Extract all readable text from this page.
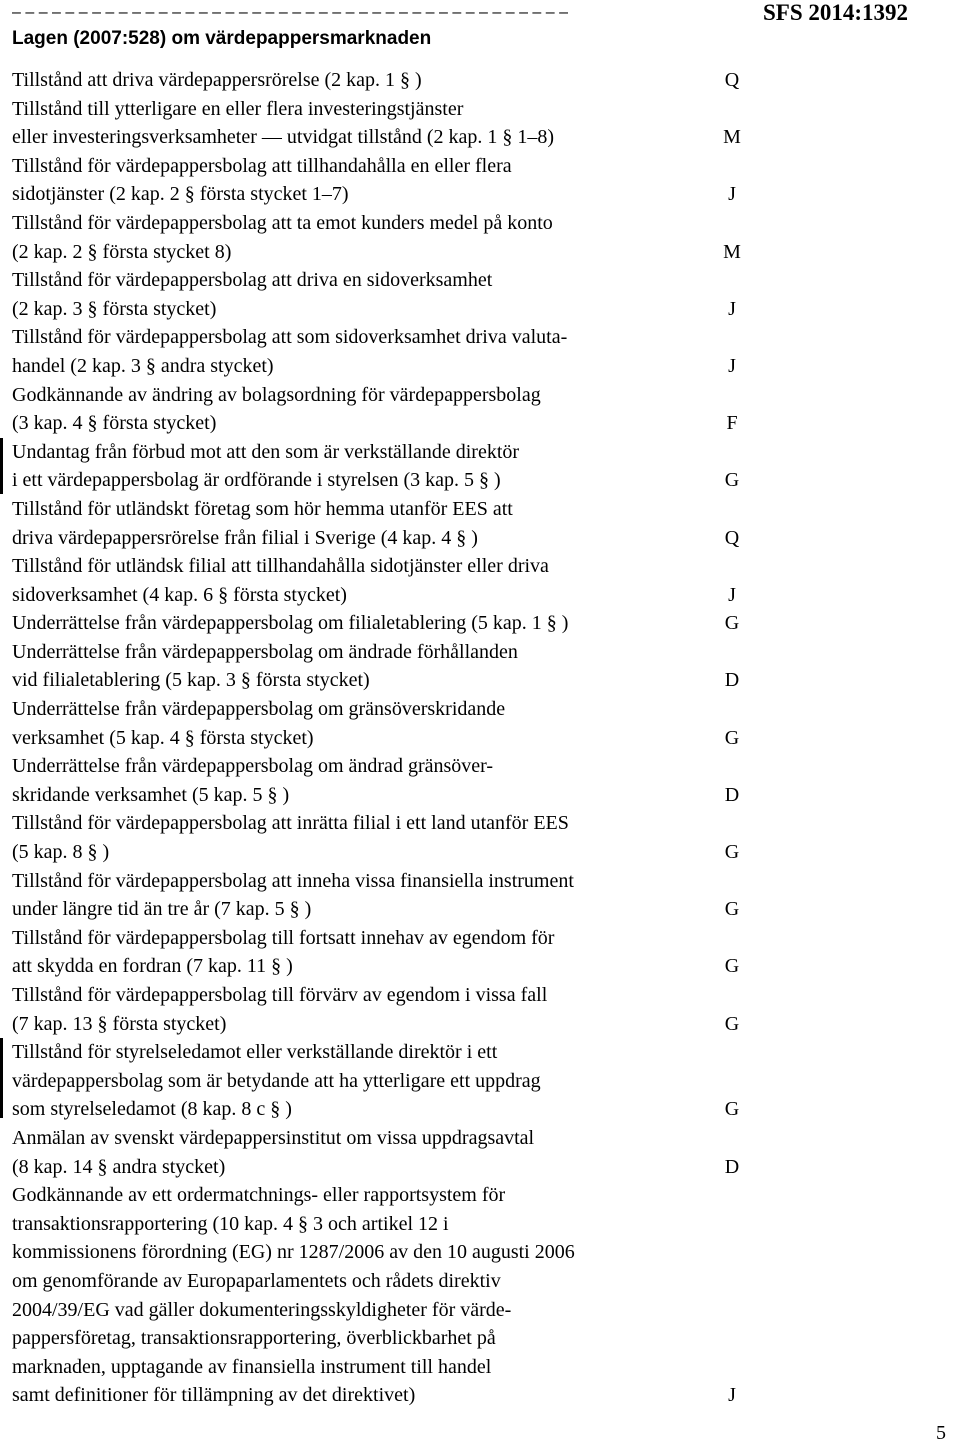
– – – – – – – – – – – – – – – – – – – – – – – – – – – – – – – – – – – – – – – – – –	SFS 2014:1392
Lagen (2007:528) om värdepappersmarknaden
Tillstånd att driva värdepappersrörelse (2 kap. 1 § )	Q
Tillstånd till ytterligare en eller flera investeringstjänster
eller investeringsverksamheter — utvidgat tillstånd (2 kap. 1 § 1–8)	M
Tillstånd för värdepappersbolag att tillhandahålla en eller flera
sidotjänster (2 kap. 2 § första stycket 1–7)	J
Tillstånd för värdepappersbolag att ta emot kunders medel på konto
(2 kap. 2 § första stycket 8)	M
Tillstånd för värdepappersbolag att driva en sidoverksamhet
(2 kap. 3 § första stycket)	J
Tillstånd för värdepappersbolag att som sidoverksamhet driva valuta-
handel (2 kap. 3 § andra stycket)	J
Godkännande av ändring av bolagsordning för värdepappersbolag
(3 kap. 4 § första stycket)	F
Undantag från förbud mot att den som är verkställande direktör
i ett värdepappersbolag är ordförande i styrelsen (3 kap. 5 § )	G
Tillstånd för utländskt företag som hör hemma utanför EES att
driva värdepappersrörelse från filial i Sverige (4 kap. 4 § )	Q
Tillstånd för utländsk filial att tillhandahålla sidotjänster eller driva
sidoverksamhet (4 kap. 6 § första stycket)	J
Underrättelse från värdepappersbolag om filialetablering (5 kap. 1 § )	G
Underrättelse från värdepappersbolag om ändrade förhållanden
vid filialetablering (5 kap. 3 § första stycket)	D
Underrättelse från värdepappersbolag om gränsöverskridande
verksamhet (5 kap. 4 § första stycket)	G
Underrättelse från värdepappersbolag om ändrad gränsöver-
skridande verksamhet (5 kap. 5 § )	D
Tillstånd för värdepappersbolag att inrätta filial i ett land utanför EES
(5 kap. 8 § )	G
Tillstånd för värdepappersbolag att inneha vissa finansiella instrument
under längre tid än tre år (7 kap. 5 § )	G
Tillstånd för värdepappersbolag till fortsatt innehav av egendom för
att skydda en fordran (7 kap. 11 § )	G
Tillstånd för värdepappersbolag till förvärv av egendom i vissa fall
(7 kap. 13 § första stycket)	G
Tillstånd för styrelseledamot eller verkställande direktör i ett
värdepappersbolag som är betydande att ha ytterligare ett uppdrag
som styrelseledamot (8 kap. 8 c § )	G
Anmälan av svenskt värdepappersinstitut om vissa uppdragsavtal
(8 kap. 14 § andra stycket)	D
Godkännande av ett ordermatchnings- eller rapportsystem för
transaktionsrapportering (10 kap. 4 § 3 och artikel 12 i
kommissionens förordning (EG) nr 1287/2006 av den 10 augusti 2006
om genomförande av Europaparlamentets och rådets direktiv
2004/39/EG vad gäller dokumenteringsskyldigheter för värde-
pappersföretag, transaktionsrapportering, överblickbarhet på
marknaden, upptagande av finansiella instrument till handel
samt definitioner för tillämpning av det direktivet)	J
5
